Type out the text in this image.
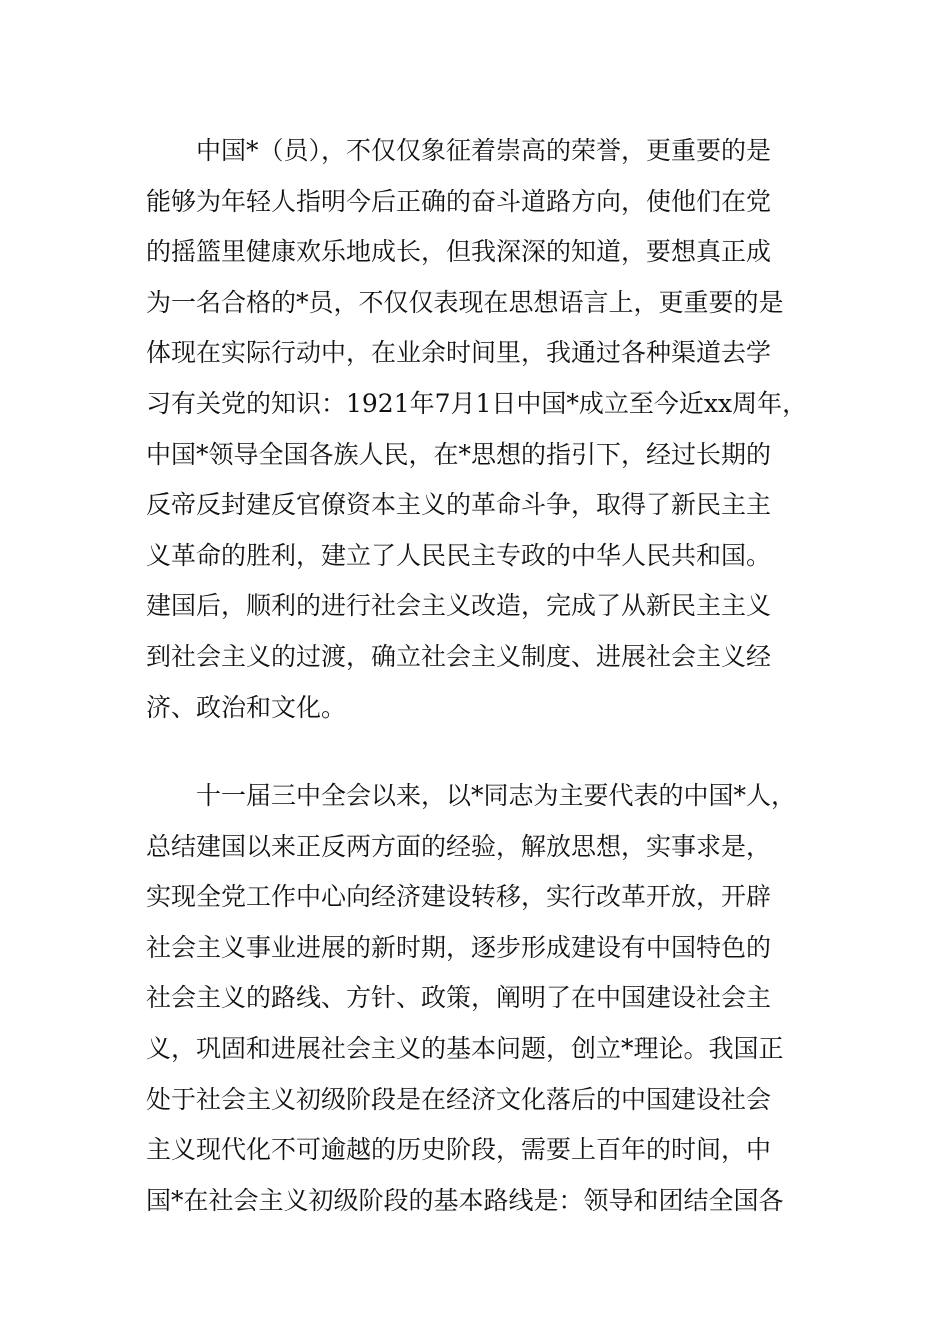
　　中国*（员），不仅仅象征着崇高的荣誉，更重要的是
能够为年轻人指明今后正确的奋斗道路方向，使他们在党
的摇篮里健康欢乐地成长，但我深深的知道，要想真正成
为一名合格的*员，不仅仅表现在思想语言上，更重要的是
体现在实际行动中，在业余时间里，我通过各种渠道去学
习有关党的知识：1921年7月1日中国*成立至今近xx周年，
中国*领导全国各族人民，在*思想的指引下，经过长期的
反帝反封建反官僚资本主义的革命斗争，取得了新民主主
义革命的胜利，建立了人民民主专政的中华人民共和国。
建国后，顺利的进行社会主义改造，完成了从新民主主义
到社会主义的过渡，确立社会主义制度、进展社会主义经
济、政治和文化。
　　十一届三中全会以来，以*同志为主要代表的中国*人，
总结建国以来正反两方面的经验，解放思想，实事求是，
实现全党工作中心向经济建设转移，实行改革开放，开辟
社会主义事业进展的新时期，逐步形成建设有中国特色的
社会主义的路线、方针、政策，阐明了在中国建设社会主
义，巩固和进展社会主义的基本问题，创立*理论。我国正
处于社会主义初级阶段是在经济文化落后的中国建设社会
主义现代化不可逾越的历史阶段，需要上百年的时间，中
国*在社会主义初级阶段的基本路线是：领导和团结全国各
